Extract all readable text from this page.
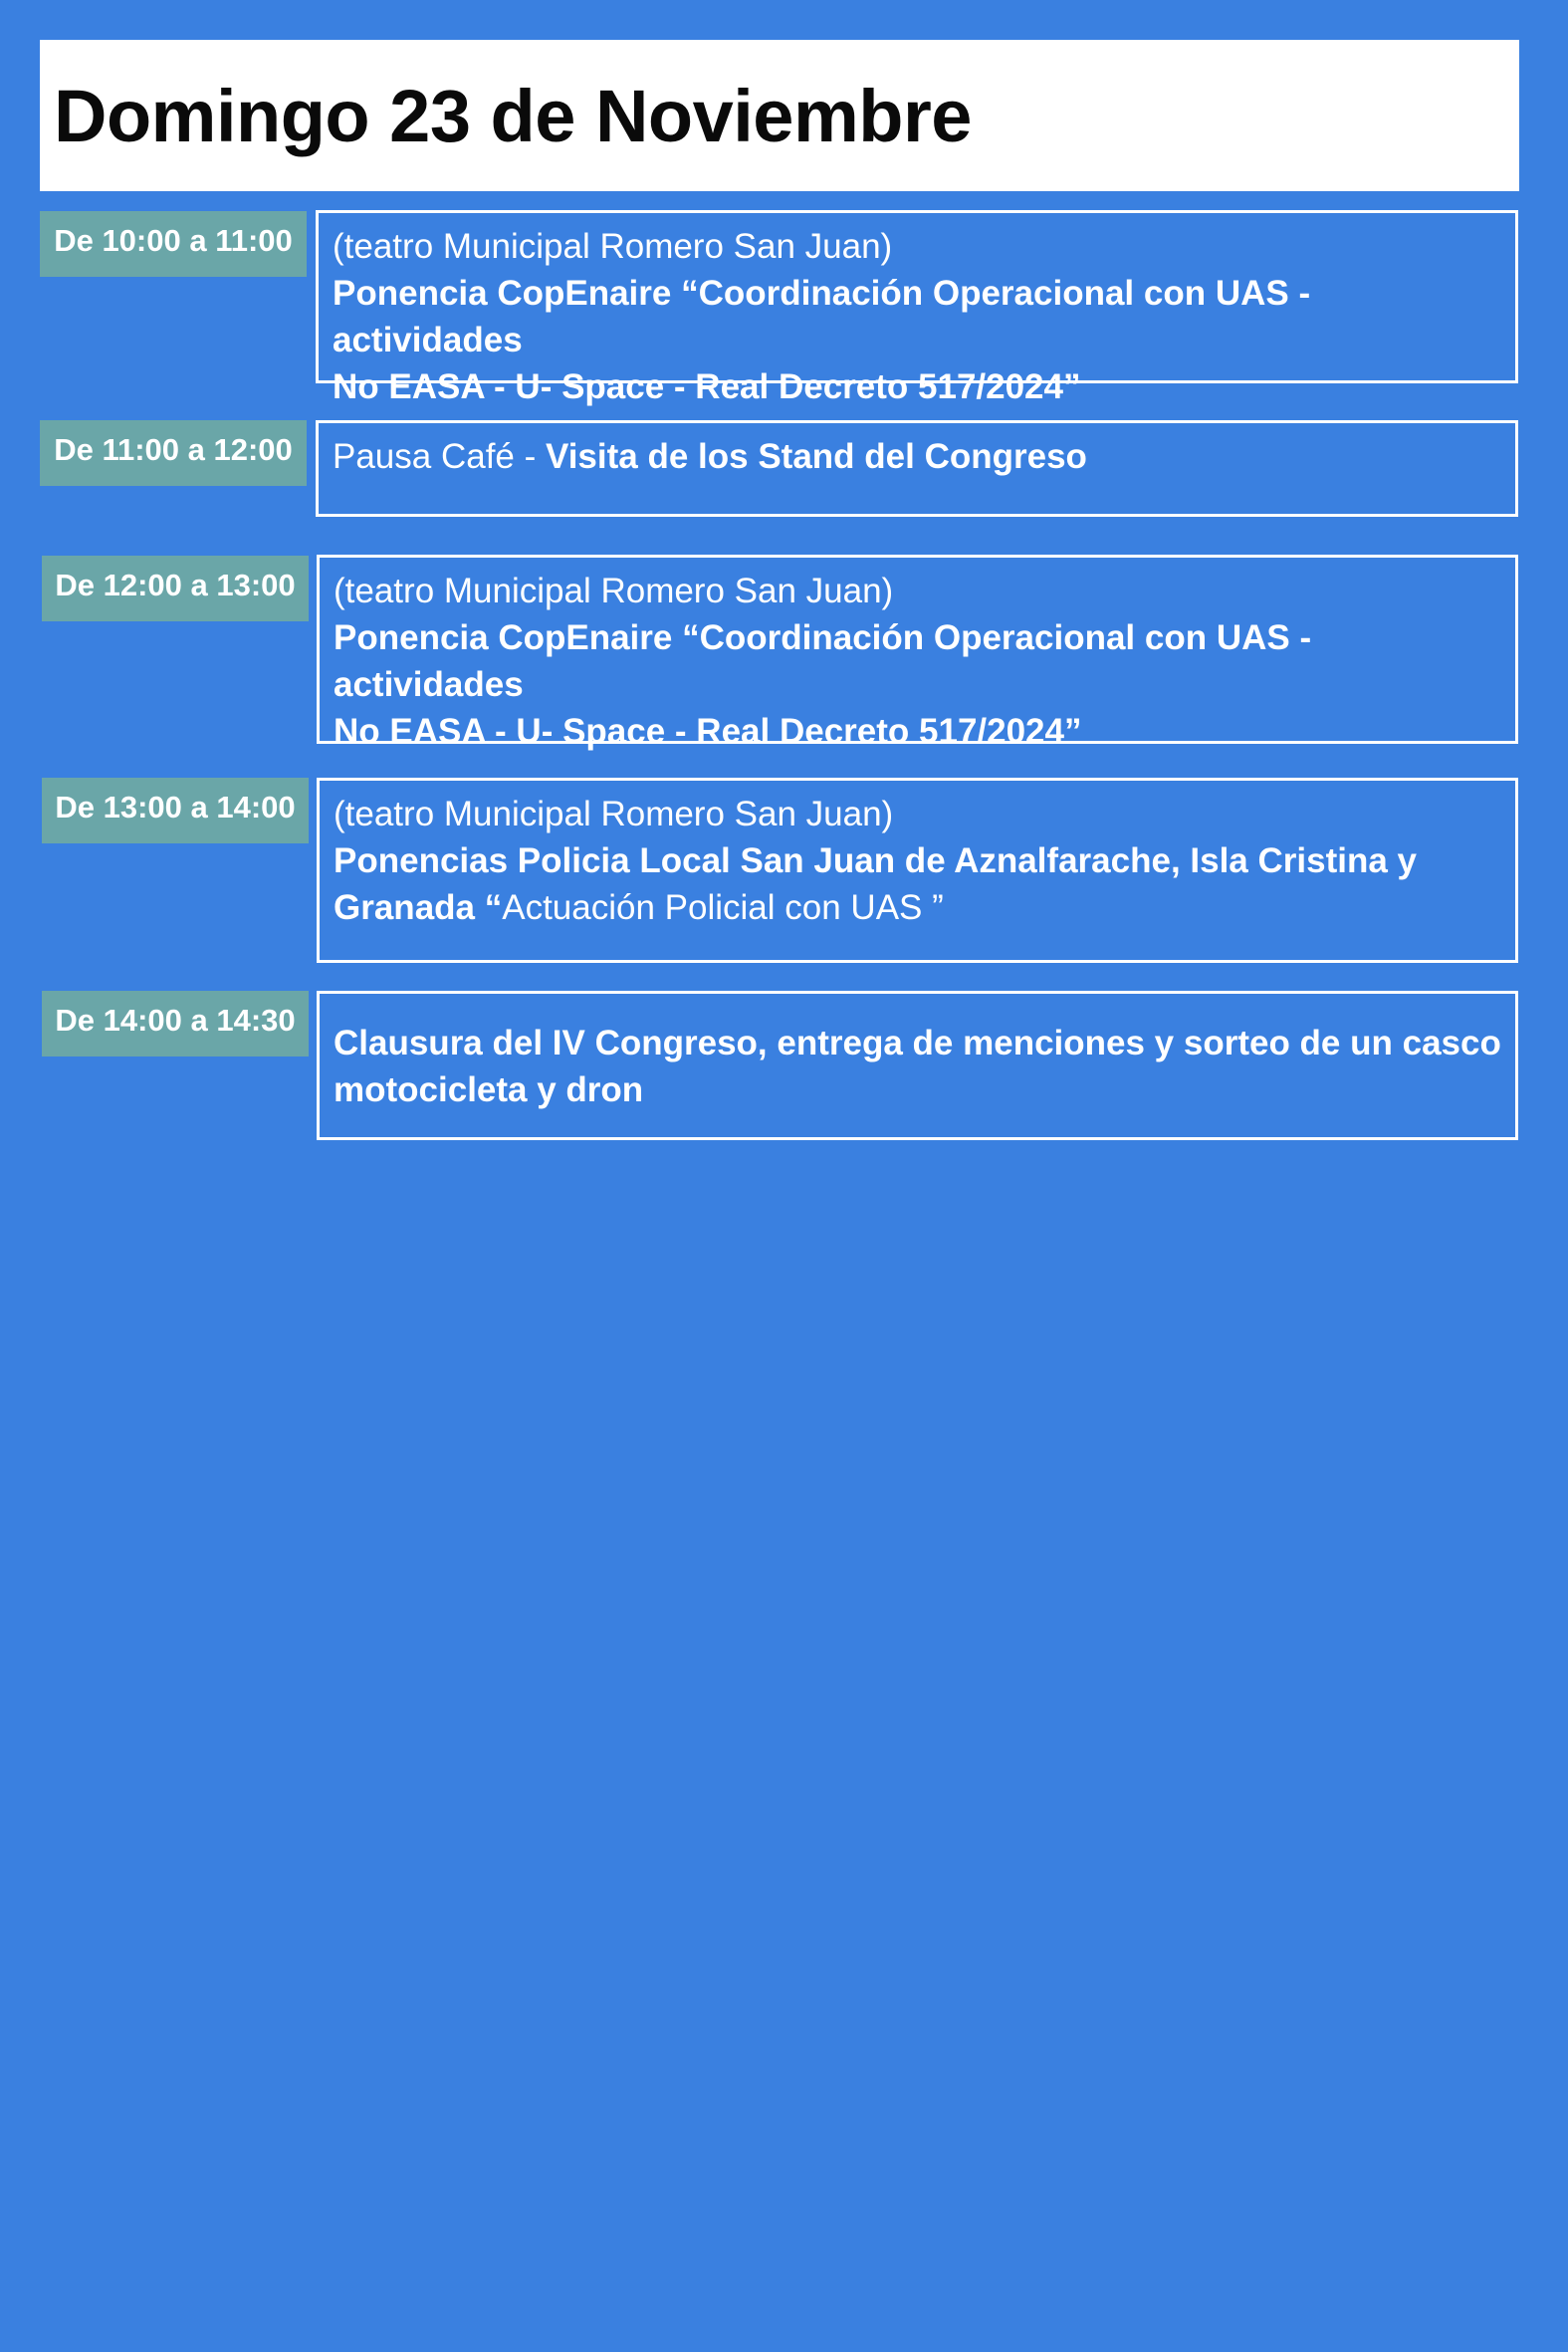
Domingo 23 de Noviembre
De 10:00 a 11:00	(teatro Municipal Romero San Juan)

Ponencia CopEnaire “Coordinación Operacional con UAS - actividades

No EASA - U- Space - Real Decreto 517/2024”

De 11:00 a 12:00	Pausa Café - Visita de los Stand del Congreso

De 12:00 a 13:00	(teatro Municipal Romero San Juan)

Ponencia CopEnaire “Coordinación Operacional con UAS - actividades

No EASA - U- Space - Real Decreto 517/2024”

De 13:00 a 14:00	(teatro Municipal Romero San Juan)

Ponencias Policia Local San Juan de Aznalfarache, Isla Cristina y

Granada “Actuación Policial con UAS ”

De 14:00 a 14:30

Clausura del IV Congreso, entrega de menciones y sorteo de un casco

motocicleta y dron
